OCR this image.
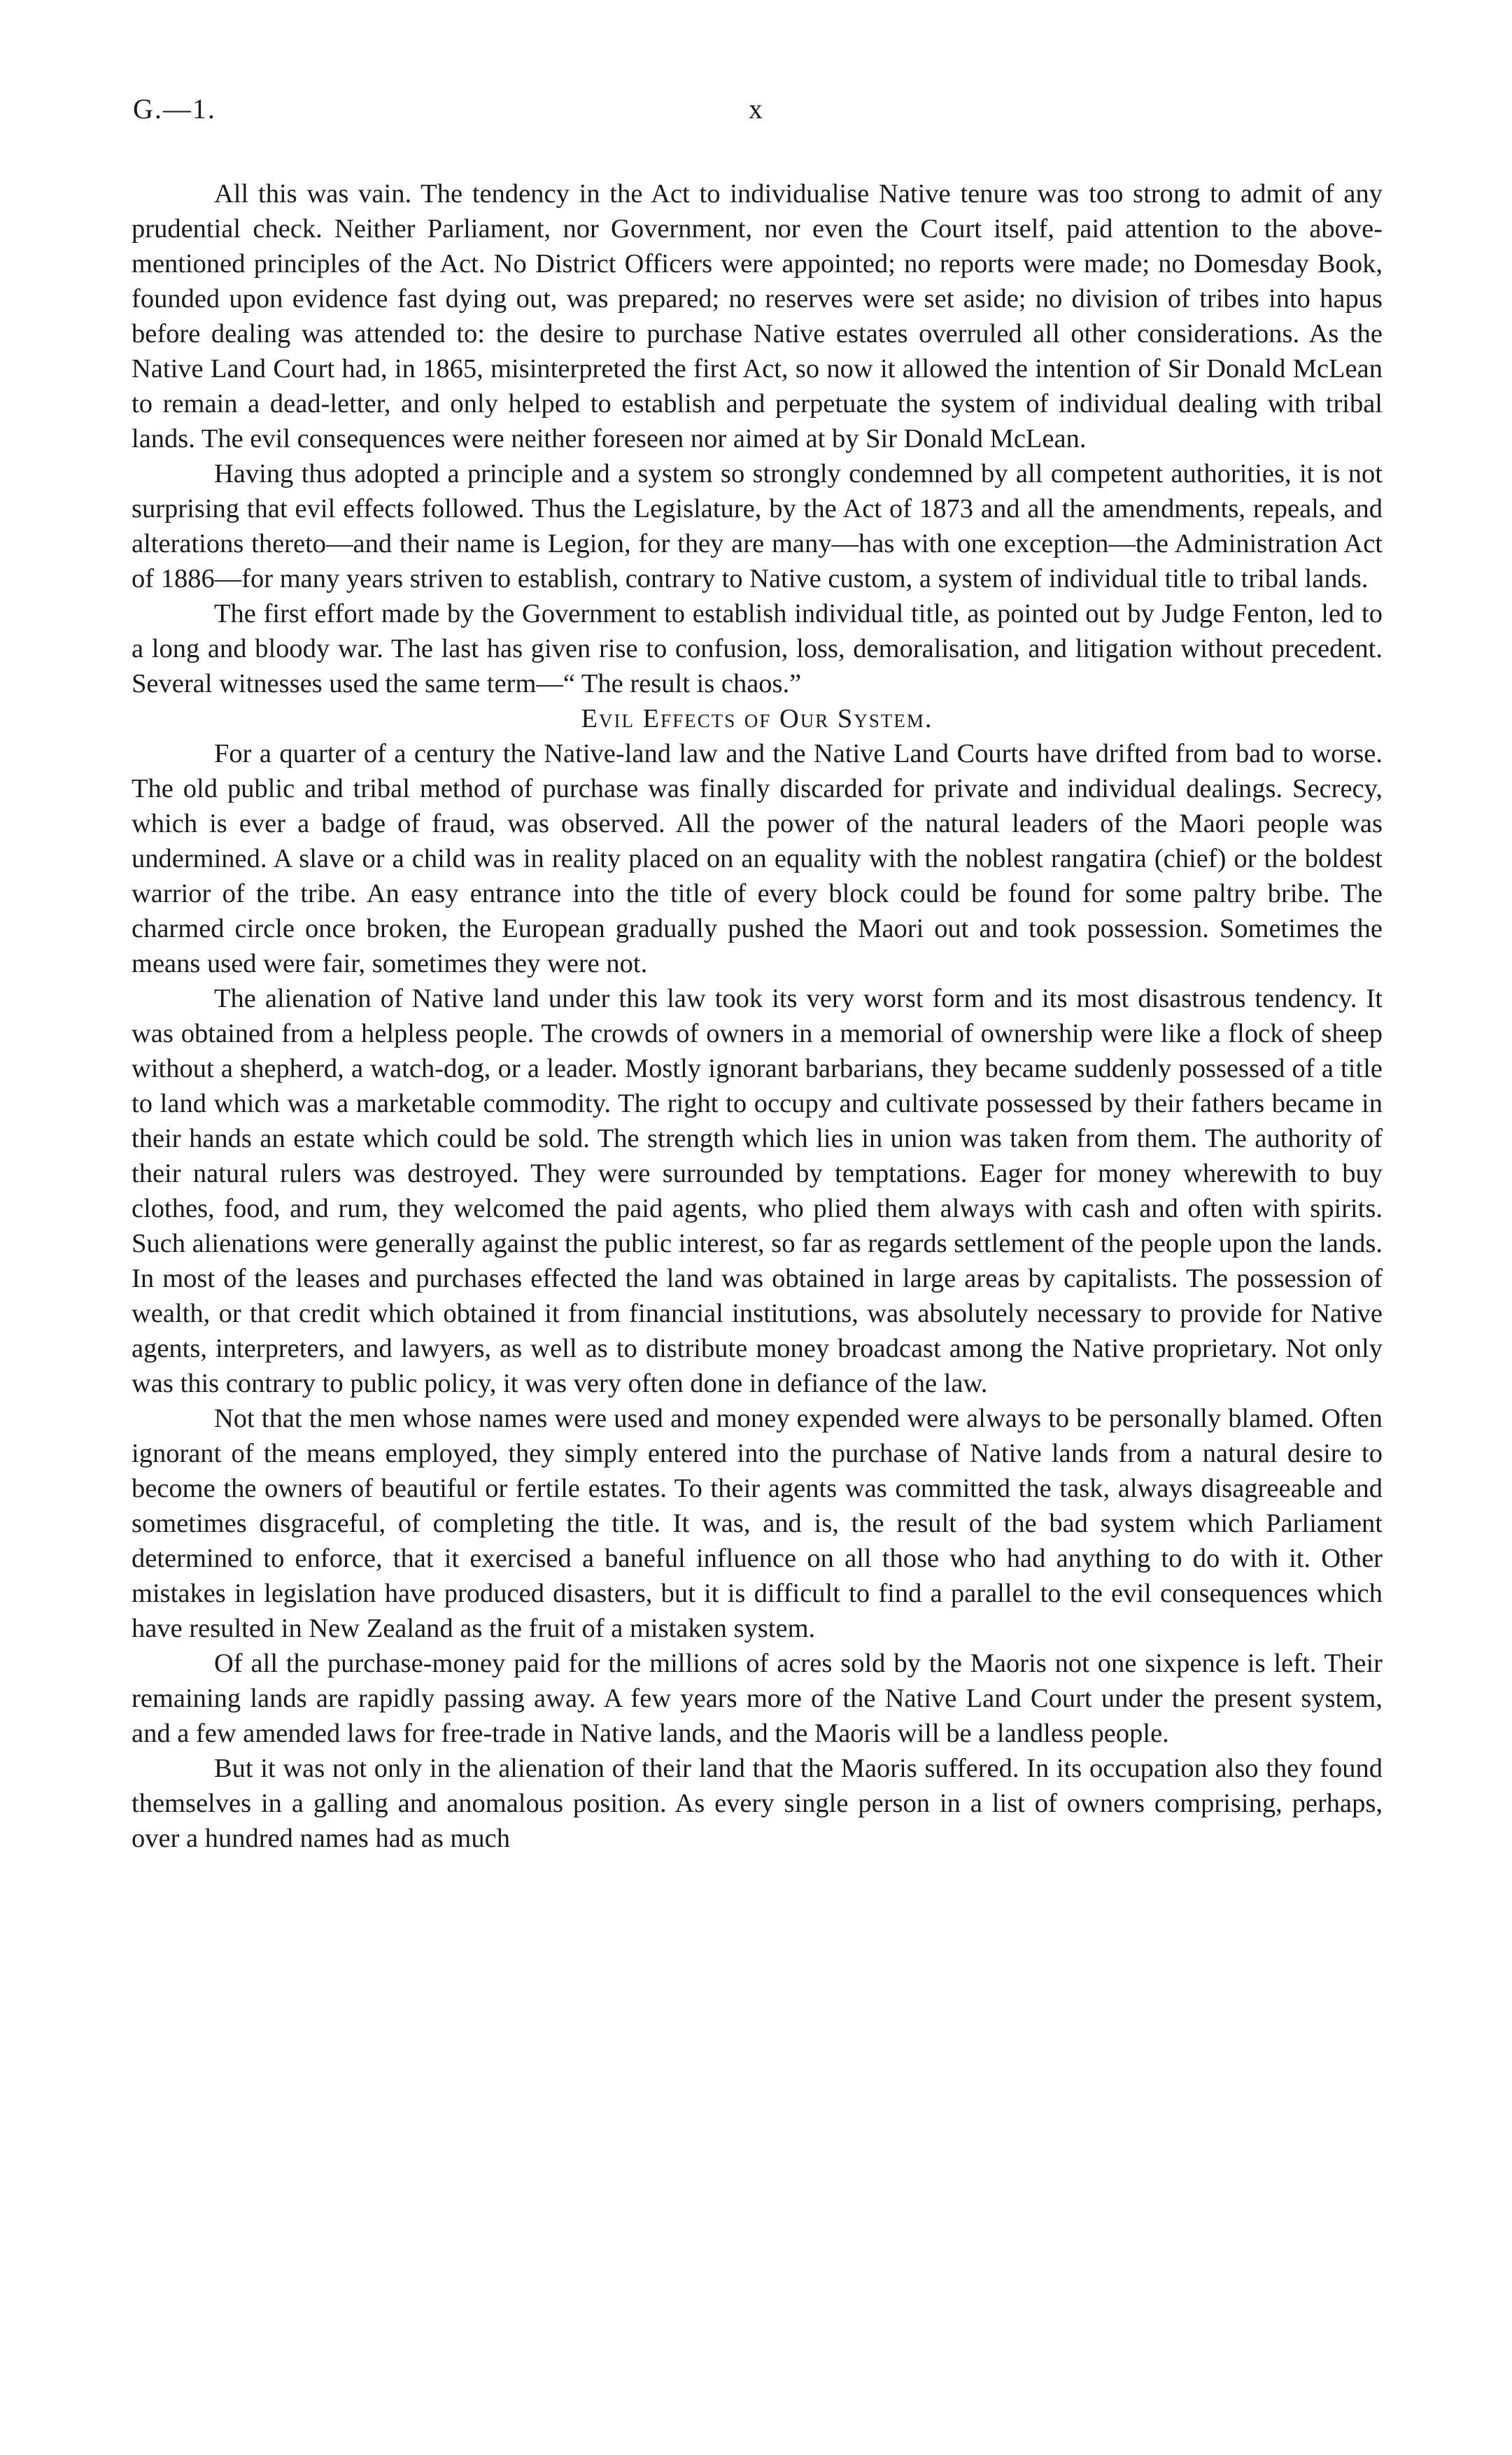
G.—1.	x

All this was vain. The tendency in the Act to individualise Native tenure was too strong to admit of any prudential check. Neither Parliament, nor Government, nor even the Court itself, paid attention to the above-mentioned principles of the Act. No District Officers were appointed; no reports were made; no Domesday Book, founded upon evidence fast dying out, was prepared; no reserves were set aside; no division of tribes into hapus before dealing was attended to: the desire to purchase Native estates overruled all other considerations. As the Native Land Court had, in 1865, misinterpreted the first Act, so now it allowed the intention of Sir Donald McLean to remain a dead-letter, and only helped to establish and perpetuate the system of individual dealing with tribal lands. The evil consequences were neither foreseen nor aimed at by Sir Donald McLean.

Having thus adopted a principle and a system so strongly condemned by all competent authorities, it is not surprising that evil effects followed. Thus the Legislature, by the Act of 1873 and all the amendments, repeals, and alterations thereto—and their name is Legion, for they are many—has with one exception—the Administration Act of 1886—for many years striven to establish, contrary to Native custom, a system of individual title to tribal lands.

The first effort made by the Government to establish individual title, as pointed out by Judge Fenton, led to a long and bloody war. The last has given rise to confusion, loss, demoralisation, and litigation without precedent. Several witnesses used the same term—“ The result is chaos.”

Evil Effects of Our System.

For a quarter of a century the Native-land law and the Native Land Courts have drifted from bad to worse. The old public and tribal method of purchase was finally discarded for private and individual dealings. Secrecy, which is ever a badge of fraud, was observed. All the power of the natural leaders of the Maori people was undermined. A slave or a child was in reality placed on an equality with the noblest rangatira (chief) or the boldest warrior of the tribe. An easy entrance into the title of every block could be found for some paltry bribe. The charmed circle once broken, the European gradually pushed the Maori out and took possession. Sometimes the means used were fair, sometimes they were not.

The alienation of Native land under this law took its very worst form and its most disastrous tendency. It was obtained from a helpless people. The crowds of owners in a memorial of ownership were like a flock of sheep without a shepherd, a watch-dog, or a leader. Mostly ignorant barbarians, they became suddenly possessed of a title to land which was a marketable commodity. The right to occupy and cultivate possessed by their fathers became in their hands an estate which could be sold. The strength which lies in union was taken from them. The authority of their natural rulers was destroyed. They were surrounded by temptations. Eager for money wherewith to buy clothes, food, and rum, they welcomed the paid agents, who plied them always with cash and often with spirits. Such alienations were generally against the public interest, so far as regards settlement of the people upon the lands. In most of the leases and purchases effected the land was obtained in large areas by capitalists. The possession of wealth, or that credit which obtained it from financial institutions, was absolutely necessary to provide for Native agents, interpreters, and lawyers, as well as to distribute money broadcast among the Native proprietary. Not only was this contrary to public policy, it was very often done in defiance of the law.

Not that the men whose names were used and money expended were always to be personally blamed. Often ignorant of the means employed, they simply entered into the purchase of Native lands from a natural desire to become the owners of beautiful or fertile estates. To their agents was committed the task, always disagreeable and sometimes disgraceful, of completing the title. It was, and is, the result of the bad system which Parliament determined to enforce, that it exercised a baneful influence on all those who had anything to do with it. Other mistakes in legislation have produced disasters, but it is difficult to find a parallel to the evil consequences which have resulted in New Zealand as the fruit of a mistaken system.

Of all the purchase-money paid for the millions of acres sold by the Maoris not one sixpence is left. Their remaining lands are rapidly passing away. A few years more of the Native Land Court under the present system, and a few amended laws for free-trade in Native lands, and the Maoris will be a landless people.

But it was not only in the alienation of their land that the Maoris suffered. In its occupation also they found themselves in a galling and anomalous position. As every single person in a list of owners comprising, perhaps, over a hundred names had as much
